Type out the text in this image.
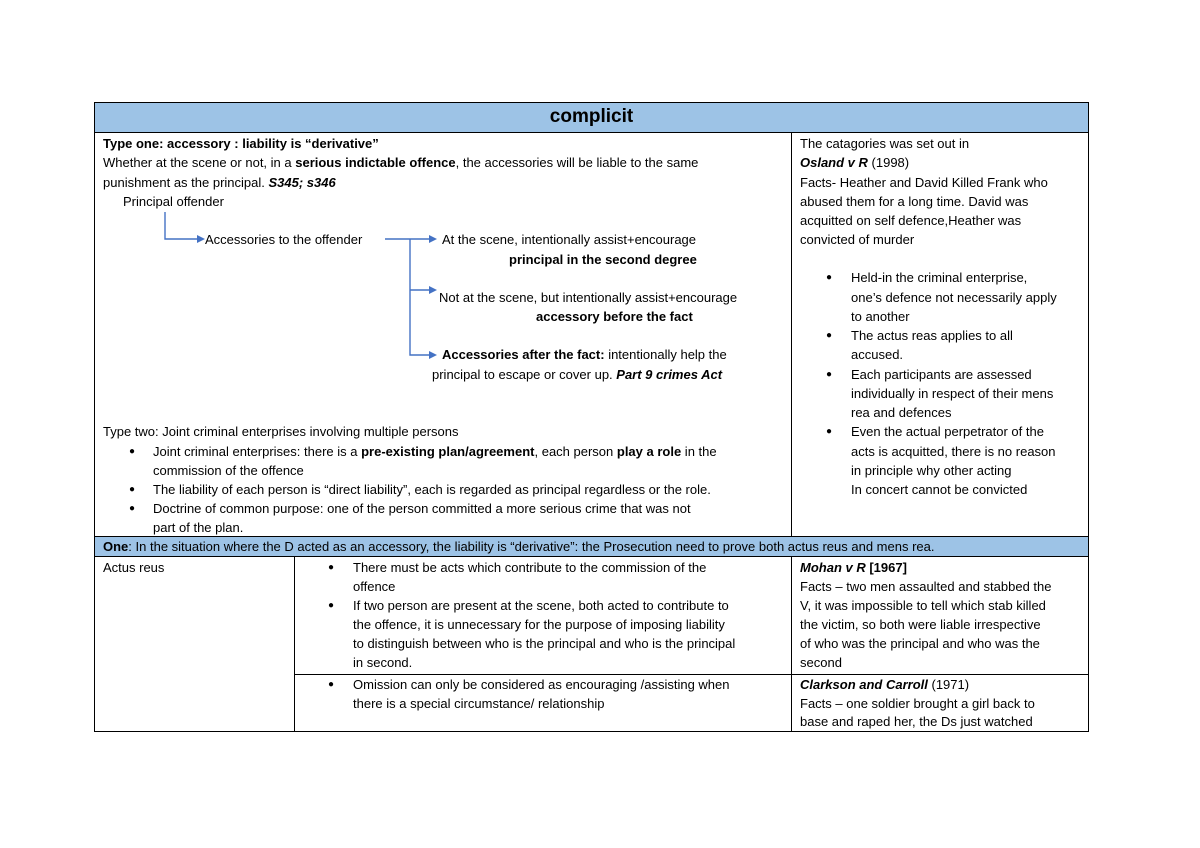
complicit
Type one: accessory : liability is “derivative”
Whether at the scene or not, in a serious indictable offence, the accessories will be liable to the same
punishment as the principal. S345; s346
Principal offender
Accessories to the offender	At the scene, intentionally assist+encourage
principal in the second degree
Not at the scene, but intentionally assist+encourage
accessory before the fact
Accessories after the fact: intentionally help the
principal to escape or cover up. Part 9 crimes Act
Type two: Joint criminal enterprises involving multiple persons
● Joint criminal enterprises: there is a pre-existing plan/agreement, each person play a role in the
commission of the offence
● The liability of each person is “direct liability”, each is regarded as principal regardless or the role.
● Doctrine of common purpose: one of the person committed a more serious crime that was not
part of the plan.
The catagories was set out in
Osland v R (1998)
Facts- Heather and David Killed Frank who
abused them for a long time. David was
acquitted on self defence,Heather was
convicted of murder
● Held-in the criminal enterprise,
one’s defence not necessarily apply
to another
● The actus reas applies to all
accused.
● Each participants are assessed
individually in respect of their mens
rea and defences
● Even the actual perpetrator of the
acts is acquitted, there is no reason
in principle why other acting
In concert cannot be convicted
One: In the situation where the D acted as an accessory, the liability is “derivative”: the Prosecution need to prove both actus reus and mens rea.
Actus reus	● There must be acts which contribute to the commission of the
offence
● If two person are present at the scene, both acted to contribute to
the offence, it is unnecessary for the purpose of imposing liability
to distinguish between who is the principal and who is the principal
in second.
Mohan v R [1967]
Facts – two men assaulted and stabbed the
V, it was impossible to tell which stab killed
the victim, so both were liable irrespective
of who was the principal and who was the
second
● Omission can only be considered as encouraging /assisting when
there is a special circumstance/ relationship
Clarkson and Carroll (1971)
Facts – one soldier brought a girl back to
base and raped her, the Ds just watched
